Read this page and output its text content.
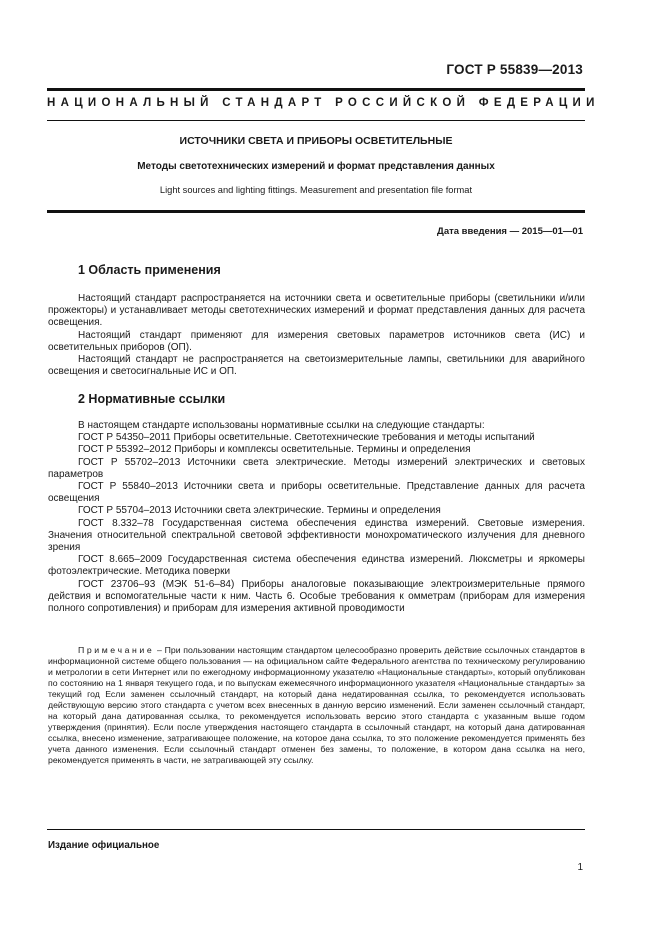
ГОСТ Р 55839—2013
НАЦИОНАЛЬНЫЙ СТАНДАРТ РОССИЙСКОЙ ФЕДЕРАЦИИ
ИСТОЧНИКИ СВЕТА И ПРИБОРЫ ОСВЕТИТЕЛЬНЫЕ
Методы светотехнических измерений и формат представления данных
Light sources and lighting fittings. Measurement and presentation file format
Дата введения — 2015—01—01
1 Область применения
Настоящий стандарт распространяется на источники света и осветительные приборы (светильники и/или прожекторы) и устанавливает методы светотехнических измерений и формат представления данных для расчета освещения.
Настоящий стандарт применяют для измерения световых параметров источников света (ИС) и осветительных приборов (ОП).
Настоящий стандарт не распространяется на светоизмерительные лампы, светильники для аварийного освещения и светосигнальные ИС и ОП.
2 Нормативные ссылки
В настоящем стандарте использованы нормативные ссылки на следующие стандарты:
ГОСТ Р 54350–2011 Приборы осветительные. Светотехнические требования и методы испытаний
ГОСТ Р 55392–2012 Приборы и комплексы осветительные. Термины и определения
ГОСТ Р 55702–2013 Источники света электрические. Методы измерений электрических и световых параметров
ГОСТ Р 55840–2013 Источники света и приборы осветительные. Представление данных для расчета освещения
ГОСТ Р 55704–2013 Источники света электрические. Термины и определения
ГОСТ 8.332–78 Государственная система обеспечения единства измерений. Световые измерения. Значения относительной спектральной световой эффективности монохроматического излучения для дневного зрения
ГОСТ 8.665–2009 Государственная система обеспечения единства измерений. Люксметры и яркомеры фотоэлектрические. Методика поверки
ГОСТ 23706–93 (МЭК 51-6–84) Приборы аналоговые показывающие электроизмерительные прямого действия и вспомогательные части к ним. Часть 6. Особые требования к омметрам (приборам для измерения полного сопротивления) и приборам для измерения активной проводимости
Примечание – При пользовании настоящим стандартом целесообразно проверить действие ссылочных стандартов в информационной системе общего пользования — на официальном сайте Федерального агентства по техническому регулированию и метрологии в сети Интернет или по ежегодному информационному указателю «Национальные стандарты», который опубликован по состоянию на 1 января текущего года, и по выпускам ежемесячного информационного указателя «Национальные стандарты» за текущий год Если заменен ссылочный стандарт, на который дана недатированная ссылка, то рекомендуется использовать действующую версию этого стандарта с учетом всех внесенных в данную версию изменений. Если заменен ссылочный стандарт, на который дана датированная ссылка, то рекомендуется использовать версию этого стандарта с указанным выше годом утверждения (принятия). Если после утверждения настоящего стандарта в ссылочный стандарт, на который дана датированная ссылка, внесено изменение, затрагивающее положение, на которое дана ссылка, то это положение рекомендуется применять без учета данного изменения. Если ссылочный стандарт отменен без замены, то положение, в котором дана ссылка на него, рекомендуется применять в части, не затрагивающей эту ссылку.
Издание официальное
1
